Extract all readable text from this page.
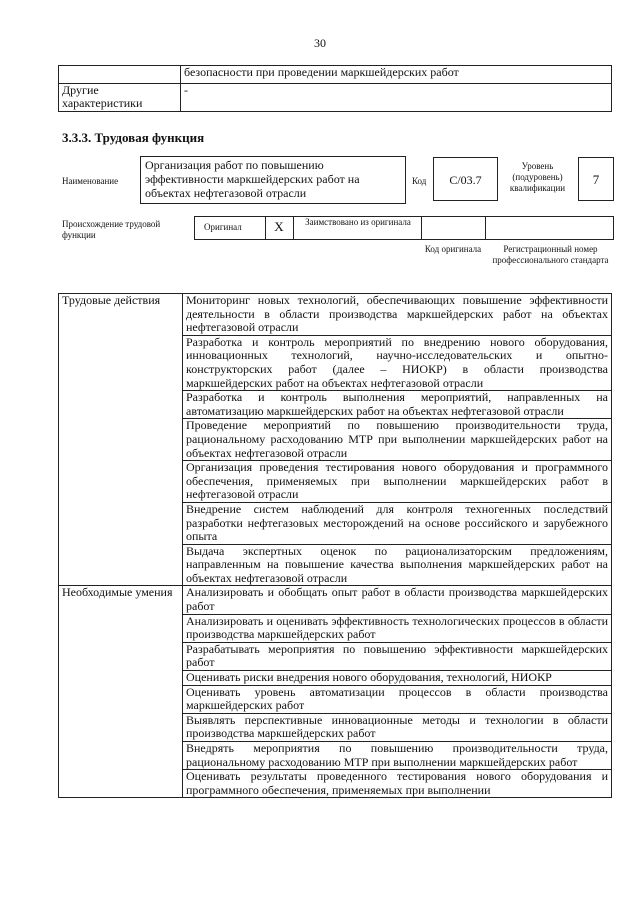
30
	безопасности при проведении маркшейдерских работ
Другие характеристики	-
3.3.3. Трудовая функция
Наименование
Организация работ по повышению эффективности маркшейдерских работ на объектах нефтегазовой отрасли
Код	C/03.7
Уровень (подуровень) квалификации
7
Происхождение трудовой функции
Оригинал	X	Заимствовано из оригинала
Код оригинала	Регистрационный номер профессионального стандарта
Трудовые действия	Мониторинг новых технологий, обеспечивающих повышение эффективности деятельности в области производства маркшейдерских работ на объектах нефтегазовой отрасли
	Разработка и контроль мероприятий по внедрению нового оборудования, инновационных технологий, научно-исследовательских и опытно-конструкторских работ (далее – НИОКР) в области производства маркшейдерских работ на объектах нефтегазовой отрасли
	Разработка и контроль выполнения мероприятий, направленных на автоматизацию маркшейдерских работ на объектах нефтегазовой отрасли
	Проведение мероприятий по повышению производительности труда, рациональному расходованию МТР при выполнении маркшейдерских работ на объектах нефтегазовой отрасли
	Организация проведения тестирования нового оборудования и программного обеспечения, применяемых при выполнении маркшейдерских работ в нефтегазовой отрасли
	Внедрение систем наблюдений для контроля техногенных последствий разработки нефтегазовых месторождений на основе российского и зарубежного опыта
	Выдача экспертных оценок по рационализаторским предложениям, направленным на повышение качества выполнения маркшейдерских работ на объектах нефтегазовой отрасли
Необходимые умения	Анализировать и обобщать опыт работ в области производства маркшейдерских работ
	Анализировать и оценивать эффективность технологических процессов в области производства маркшейдерских работ
	Разрабатывать мероприятия по повышению эффективности маркшейдерских работ
	Оценивать риски внедрения нового оборудования, технологий, НИОКР
	Оценивать уровень автоматизации процессов в области производства маркшейдерских работ
	Выявлять перспективные инновационные методы и технологии в области производства маркшейдерских работ
	Внедрять мероприятия по повышению производительности труда, рациональному расходованию МТР при выполнении маркшейдерских работ
	Оценивать результаты проведенного тестирования нового оборудования и программного обеспечения, применяемых при выполнении
